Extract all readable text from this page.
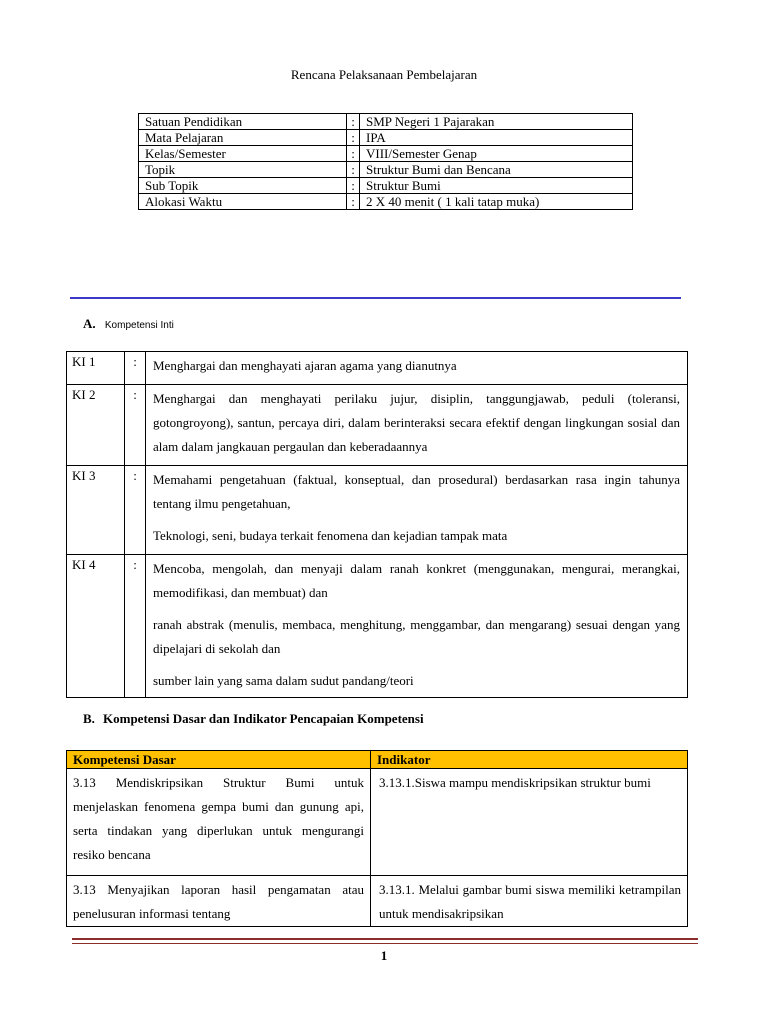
Rencana Pelaksanaan Pembelajaran
Satuan Pendidikan	:	SMP Negeri 1 Pajarakan
Mata Pelajaran	:	IPA
Kelas/Semester	:	VIII/Semester Genap
Topik	:	Struktur Bumi dan Bencana
Sub Topik	:	Struktur Bumi
Alokasi Waktu	:	2 X 40 menit ( 1 kali tatap muka)
A. Kompetensi Inti
KI 1	:	Menghargai dan menghayati ajaran agama yang dianutnya

KI 2	:	Menghargai dan menghayati perilaku jujur, disiplin, tanggungjawab, peduli (toleransi, gotongroyong), santun, percaya diri, dalam berinteraksi secara efektif dengan lingkungan sosial dan alam dalam jangkauan pergaulan dan keberadaannya

KI 3	:	Memahami pengetahuan (faktual, konseptual, dan prosedural) berdasarkan rasa ingin tahunya tentang ilmu pengetahuan,
Teknologi, seni, budaya terkait fenomena dan kejadian tampak mata

KI 4	:	Mencoba, mengolah, dan menyaji dalam ranah konkret (menggunakan, mengurai, merangkai, memodifikasi, dan membuat) dan
ranah abstrak (menulis, membaca, menghitung, menggambar, dan mengarang) sesuai dengan yang dipelajari di sekolah dan
sumber lain yang sama dalam sudut pandang/teori
B. Kompetensi Dasar dan Indikator Pencapaian Kompetensi
Kompetensi Dasar	Indikator
3.13 Mendiskripsikan Struktur Bumi untuk menjelaskan fenomena gempa bumi dan gunung api, serta tindakan yang diperlukan untuk mengurangi resiko bencana	3.13.1.Siswa mampu mendiskripsikan struktur bumi
3.13 Menyajikan laporan hasil pengamatan atau penelusuran informasi tentang	3.13.1. Melalui gambar bumi siswa memiliki ketrampilan untuk mendisakripsikan
1
